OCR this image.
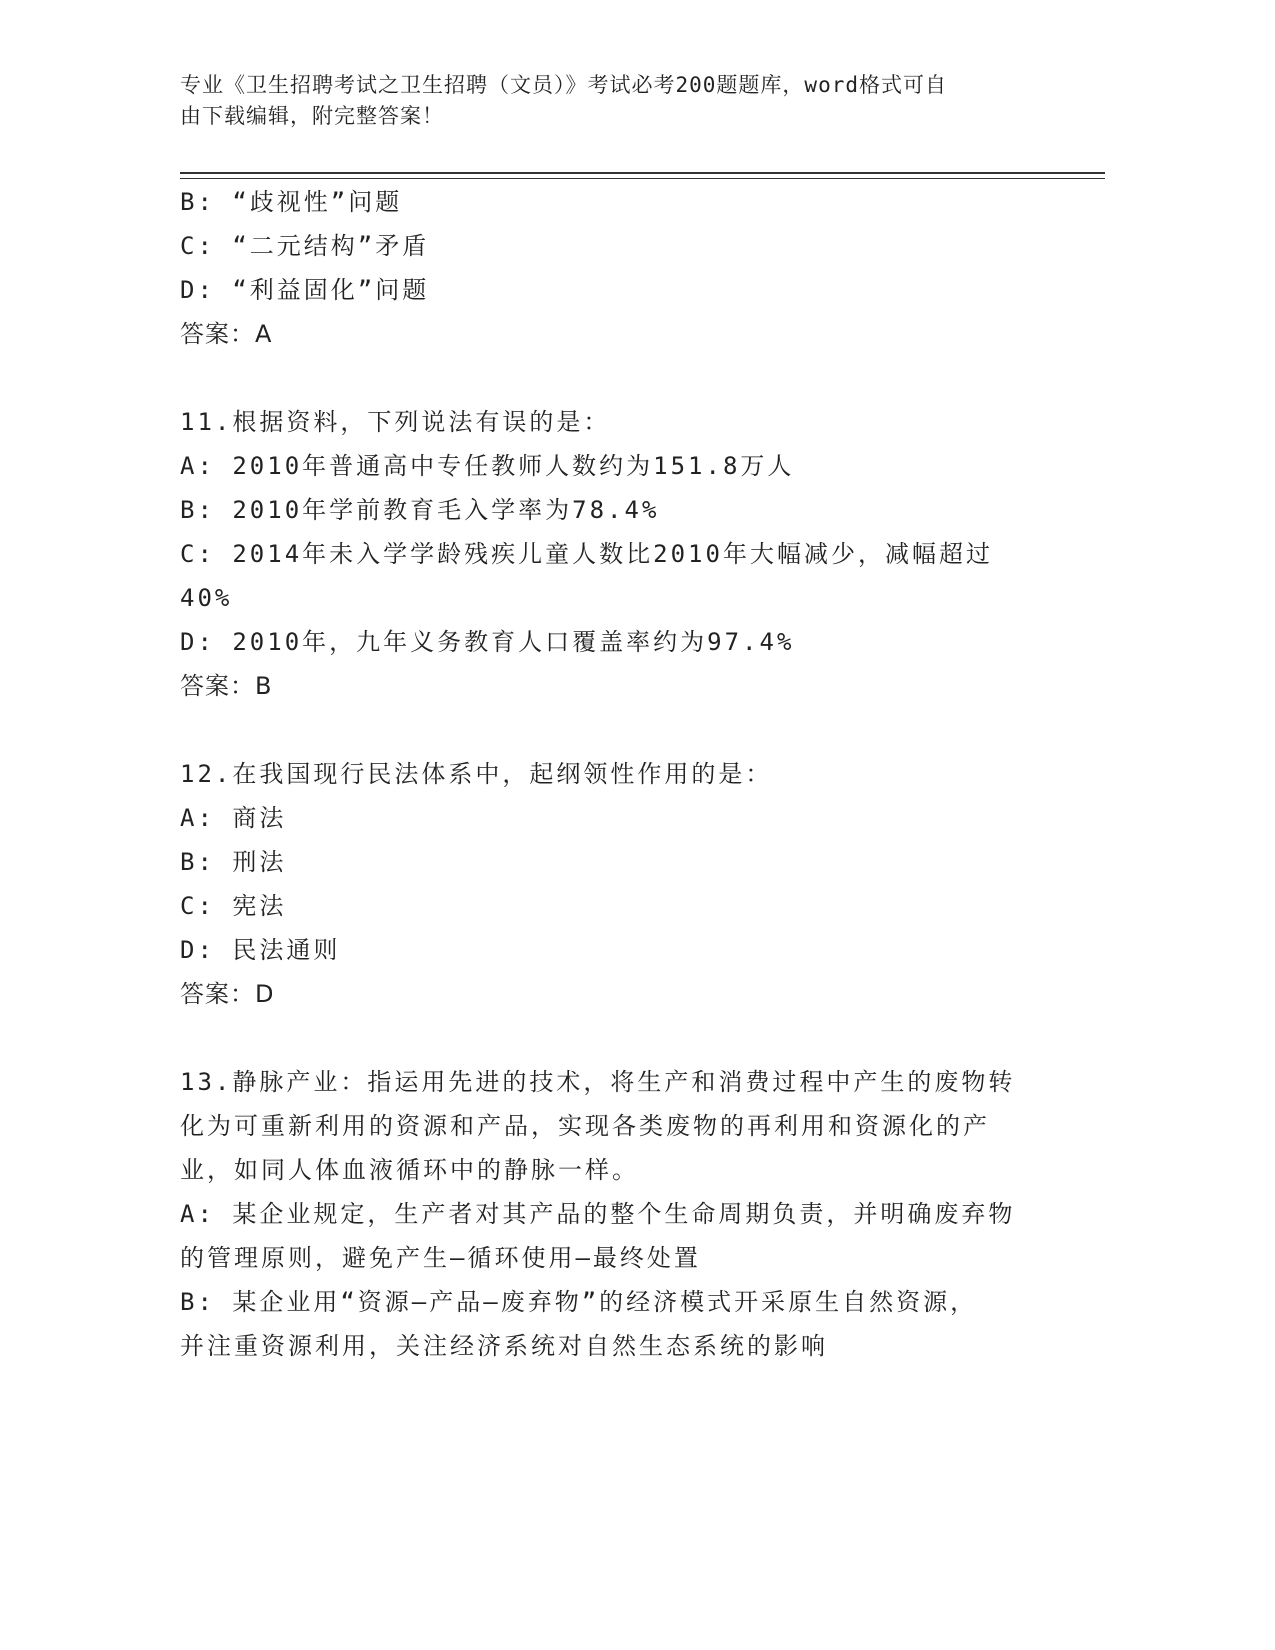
专业《卫生招聘考试之卫生招聘（文员）》考试必考200题题库，word格式可自
由下载编辑，附完整答案！
B: “歧视性”问题
C: “二元结构”矛盾
D: “利益固化”问题
答案：A
11.根据资料，下列说法有误的是：
A: 2010年普通高中专任教师人数约为151.8万人
B: 2010年学前教育毛入学率为78.4%
C: 2014年未入学学龄残疾儿童人数比2010年大幅减少，减幅超过
40%
D: 2010年，九年义务教育人口覆盖率约为97.4%
答案：B
12.在我国现行民法体系中，起纲领性作用的是：
A: 商法
B: 刑法
C: 宪法
D: 民法通则
答案：D
13.静脉产业：指运用先进的技术，将生产和消费过程中产生的废物转
化为可重新利用的资源和产品，实现各类废物的再利用和资源化的产
业，如同人体血液循环中的静脉一样。
A: 某企业规定，生产者对其产品的整个生命周期负责，并明确废弃物
的管理原则，避免产生—循环使用—最终处置
B: 某企业用“资源—产品—废弃物”的经济模式开采原生自然资源，
并注重资源利用，关注经济系统对自然生态系统的影响
